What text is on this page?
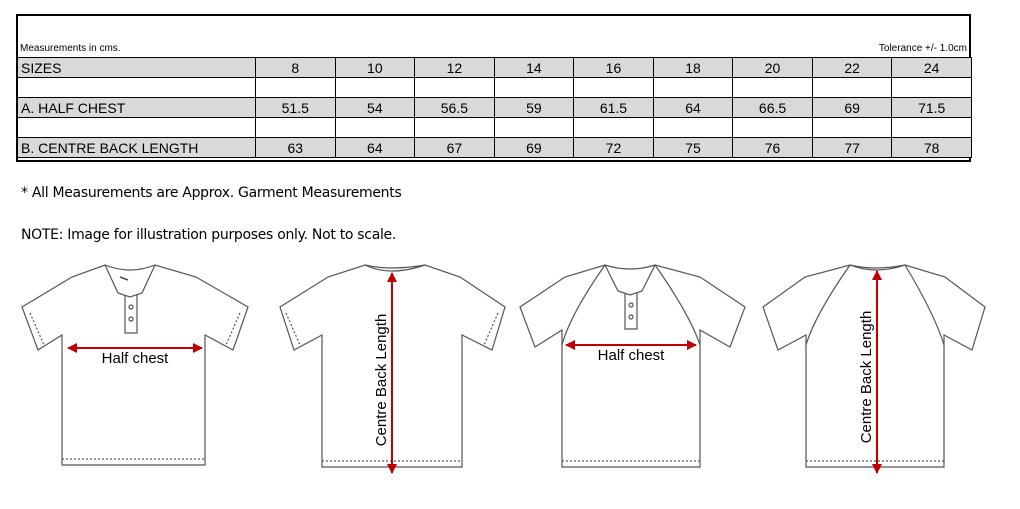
Measurements in cms.	Tolerance +/- 1.0cm
SIZES	8	10	12	14	16	18	20	22	24

A. HALF CHEST	51.5	54	56.5	59	61.5	64	66.5	69	71.5

B. CENTRE BACK LENGTH	63	64	67	69	72	75	76	77	78
* All Measurements are Approx. Garment Measurements
NOTE: Image for illustration purposes only. Not to scale.
Half chest	Centre Back Length	Half chest	Centre Back Length
